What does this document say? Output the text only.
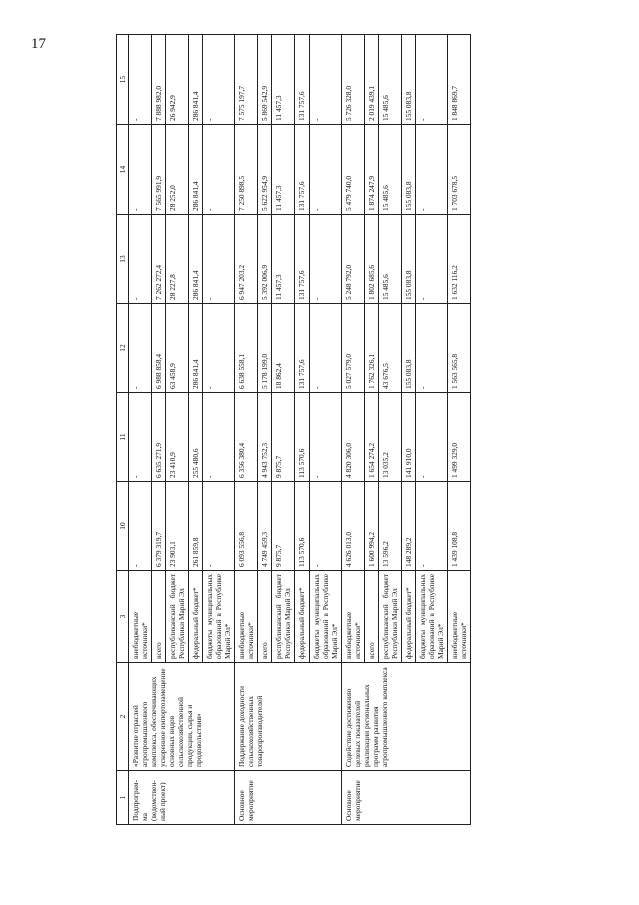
17
1	2	3	10	11	12	13	14	15
Подпрограм-ма (ведомствен-ный проект)	«Развитие отраслей агропромышленного комплекса, обеспечивающих ускоренное импортозамещение основных видов сельскохозяйственной продукции, сырья и продовольствия»	внебюджетные источники*	-	-	-	-	-	-
		всего	6 379 319,7	6 635 271,9	6 988 858,4	7 262 272,4	7 565 991,9	7 888 982,0
		республиканский бюджет Республики Марий Эл	23 903,1	23 410,9	63 458,9	28 227,8	28 252,0	26 942,9
		федеральный бюджет*	261 859,8	255 480,6	286 841,4	286 841,4	286 841,4	286 841,4
		бюджеты муниципальных образований в Республике Марий Эл*	-	-	-	-	-	-
Основное мероприятие	Поддержание доходности сельскохозяйственных товаропроизводителей	внебюджетные источники*	6 093 556,8	6 356 380,4	6 638 558,1	6 947 203,2	7 250 898,5	7 575 197,7
		всего	4 749 459,3	4 943 752,3	5 178 199,0	5 392 006,9	5 622 954,9	5 869 542,9
		республиканский бюджет Республики Марий Эл	9 875,7	9 875,7	18 862,4	11 457,3	11 457,3	11 457,3
		федеральный бюджет*	113 570,6	113 570,6	131 757,6	131 757,6	131 757,6	131 757,6
		бюджеты муниципальных образований в Республике Марий Эл*	-	-	-	-	-	-
Основное мероприятие	Содействие достижению целевых показателей реализации региональных программ развития агропромышленного комплекса	внебюджетные источники*	4 626 013,0	4 820 306,0	5 027 579,0	5 248 792,0	5 479 740,0	5 726 328,0
		всего	1 600 994,2	1 654 274,2	1 762 326,1	1 802 685,6	1 874 247,9	2 019 439,1
		республиканский бюджет Республики Марий Эл	13 596,2	13 035,2	43 676,5	15 485,6	15 485,6	15 485,6
		федеральный бюджет*	148 289,2	141 910,0	155 083,8	155 083,8	155 083,8	155 083,8
		бюджеты муниципальных образований в Республике Марий Эл*	-	-	-	-	-	-
		внебюджетные источники*	1 439 108,8	1 499 329,0	1 563 565,8	1 632 116,2	1 703 678,5	1 848 869,7
